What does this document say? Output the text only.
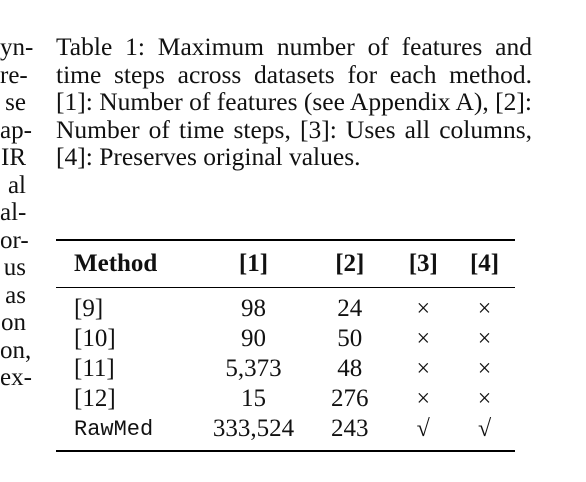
yn-
re-
se
ap-
IR
al
al-
or-
us
as
on
on,
ex-
Table 1: Maximum number of features and time steps across datasets for each method. [1]: Number of features (see Appendix A), [2]: Number of time steps, [3]: Uses all columns, [4]: Preserves original values.
Method	[1]	[2]	[3]	[4]
[9]	98	24	×	×
[10]	90	50	×	×
[11]	5,373	48	×	×
[12]	15	276	×	×
RawMed	333,524	243	√	√
